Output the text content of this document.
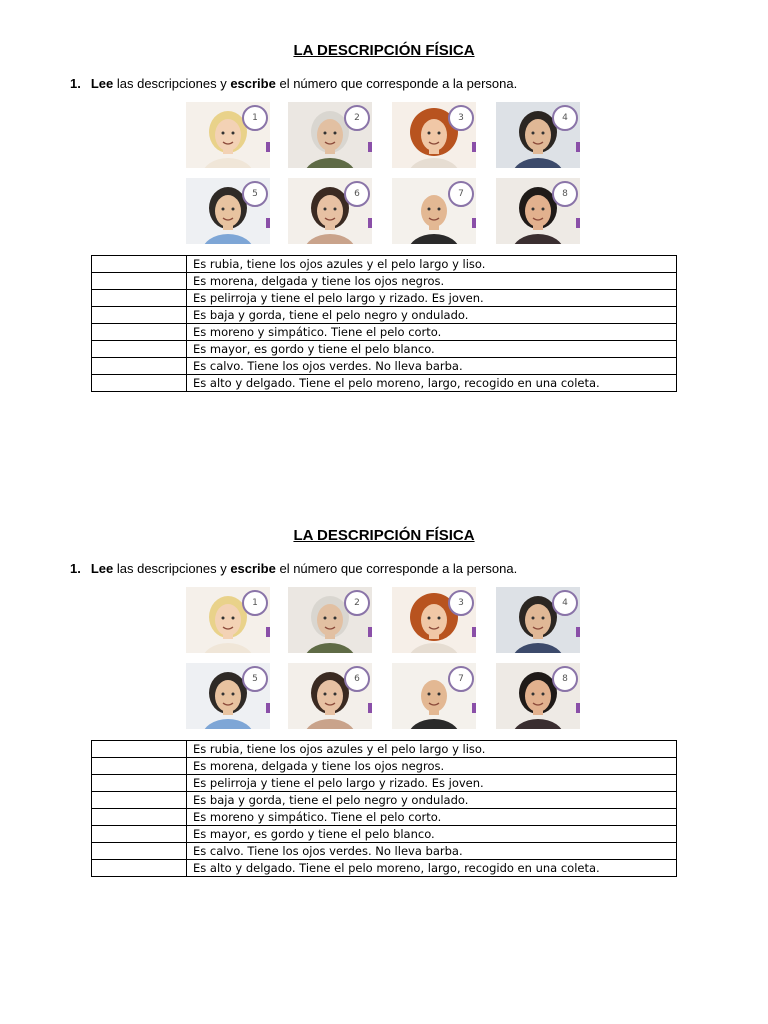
LA DESCRIPCIÓN FÍSICA
1. Lee las descripciones y escribe el número que corresponde a la persona.
1	2	3	4
5	6	7	8
	Es rubia, tiene los ojos azules y el pelo largo y liso.
	Es morena, delgada y tiene los ojos negros.
	Es pelirroja y tiene el pelo largo y rizado. Es joven.
	Es baja y gorda, tiene el pelo negro y ondulado.
	Es moreno y simpático. Tiene el pelo corto.
	Es mayor, es gordo y tiene el pelo blanco.
	Es calvo. Tiene los ojos verdes. No lleva barba.
	Es alto y delgado. Tiene el pelo moreno, largo, recogido en una coleta.
LA DESCRIPCIÓN FÍSICA
1. Lee las descripciones y escribe el número que corresponde a la persona.
1	2	3	4
5	6	7	8
	Es rubia, tiene los ojos azules y el pelo largo y liso.
	Es morena, delgada y tiene los ojos negros.
	Es pelirroja y tiene el pelo largo y rizado. Es joven.
	Es baja y gorda, tiene el pelo negro y ondulado.
	Es moreno y simpático. Tiene el pelo corto.
	Es mayor, es gordo y tiene el pelo blanco.
	Es calvo. Tiene los ojos verdes. No lleva barba.
	Es alto y delgado. Tiene el pelo moreno, largo, recogido en una coleta.
